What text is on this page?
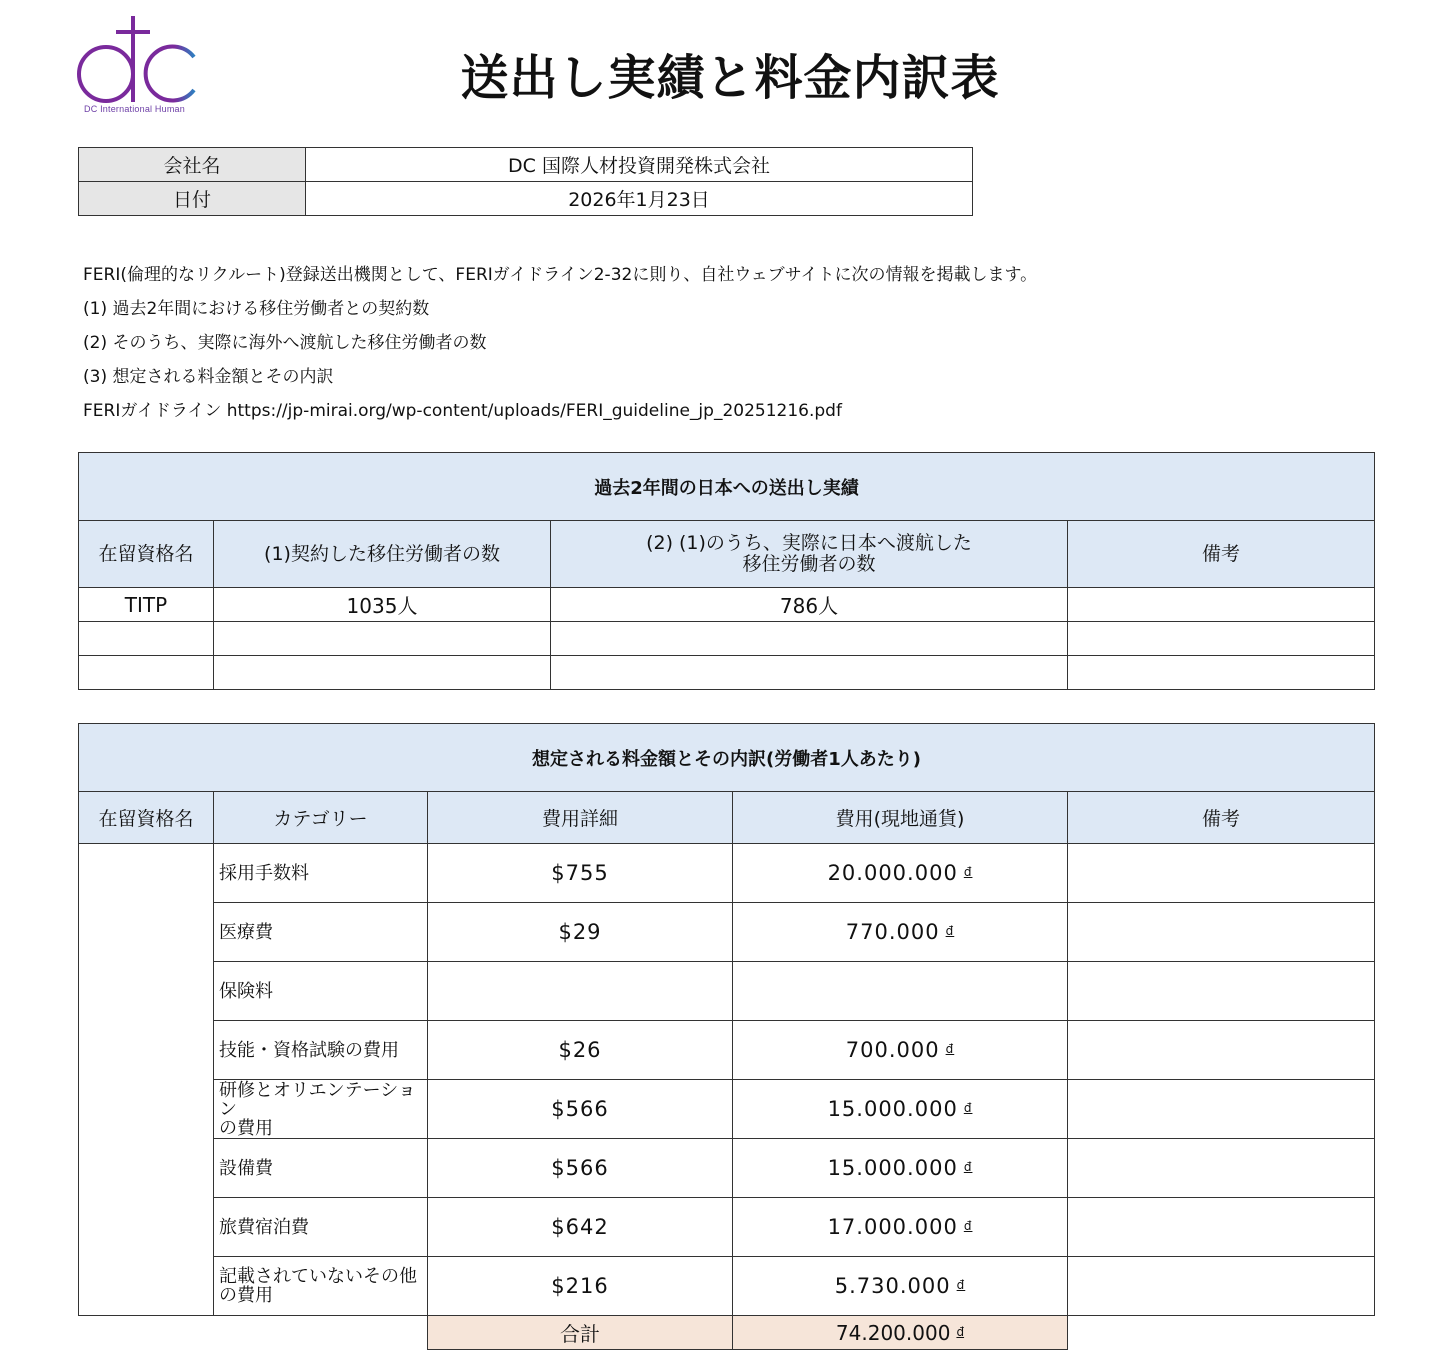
DC International Human
送出し実績と料金内訳表
会社名	DC 国際人材投資開発株式会社
日付	2026年1月23日
FERI(倫理的なリクルート)登録送出機関として、FERIガイドライン2-32に則り、自社ウェブサイトに次の情報を掲載します。
(1) 過去2年間における移住労働者との契約数
(2) そのうち、実際に海外へ渡航した移住労働者の数
(3) 想定される料金額とその内訳
FERIガイドライン https://jp-mirai.org/wp-content/uploads/FERI_guideline_jp_20251216.pdf
過去2年間の日本への送出し実績			
在留資格名	(1)契約した移住労働者の数	(2) (1)のうち、実際に日本へ渡航した
移住労働者の数	備考
TITP	1035人	786人	

想定される料金額とその内訳(労働者1人あたり)				
在留資格名	カテゴリー	費用詳細	費用(現地通貨)	備考
	採用手数料	$755	20.000.000 đ	
	医療費	$29	770.000 đ	
	保険料			
	技能・資格試験の費用	$26	700.000 đ	
	研修とオリエンテーション
の費用	$566	15.000.000 đ	
	設備費	$566	15.000.000 đ	
	旅費宿泊費	$642	17.000.000 đ	
	記載されていないその他の費用	$216	5.730.000 đ	
		合計	74.200.000 $^đ$	
